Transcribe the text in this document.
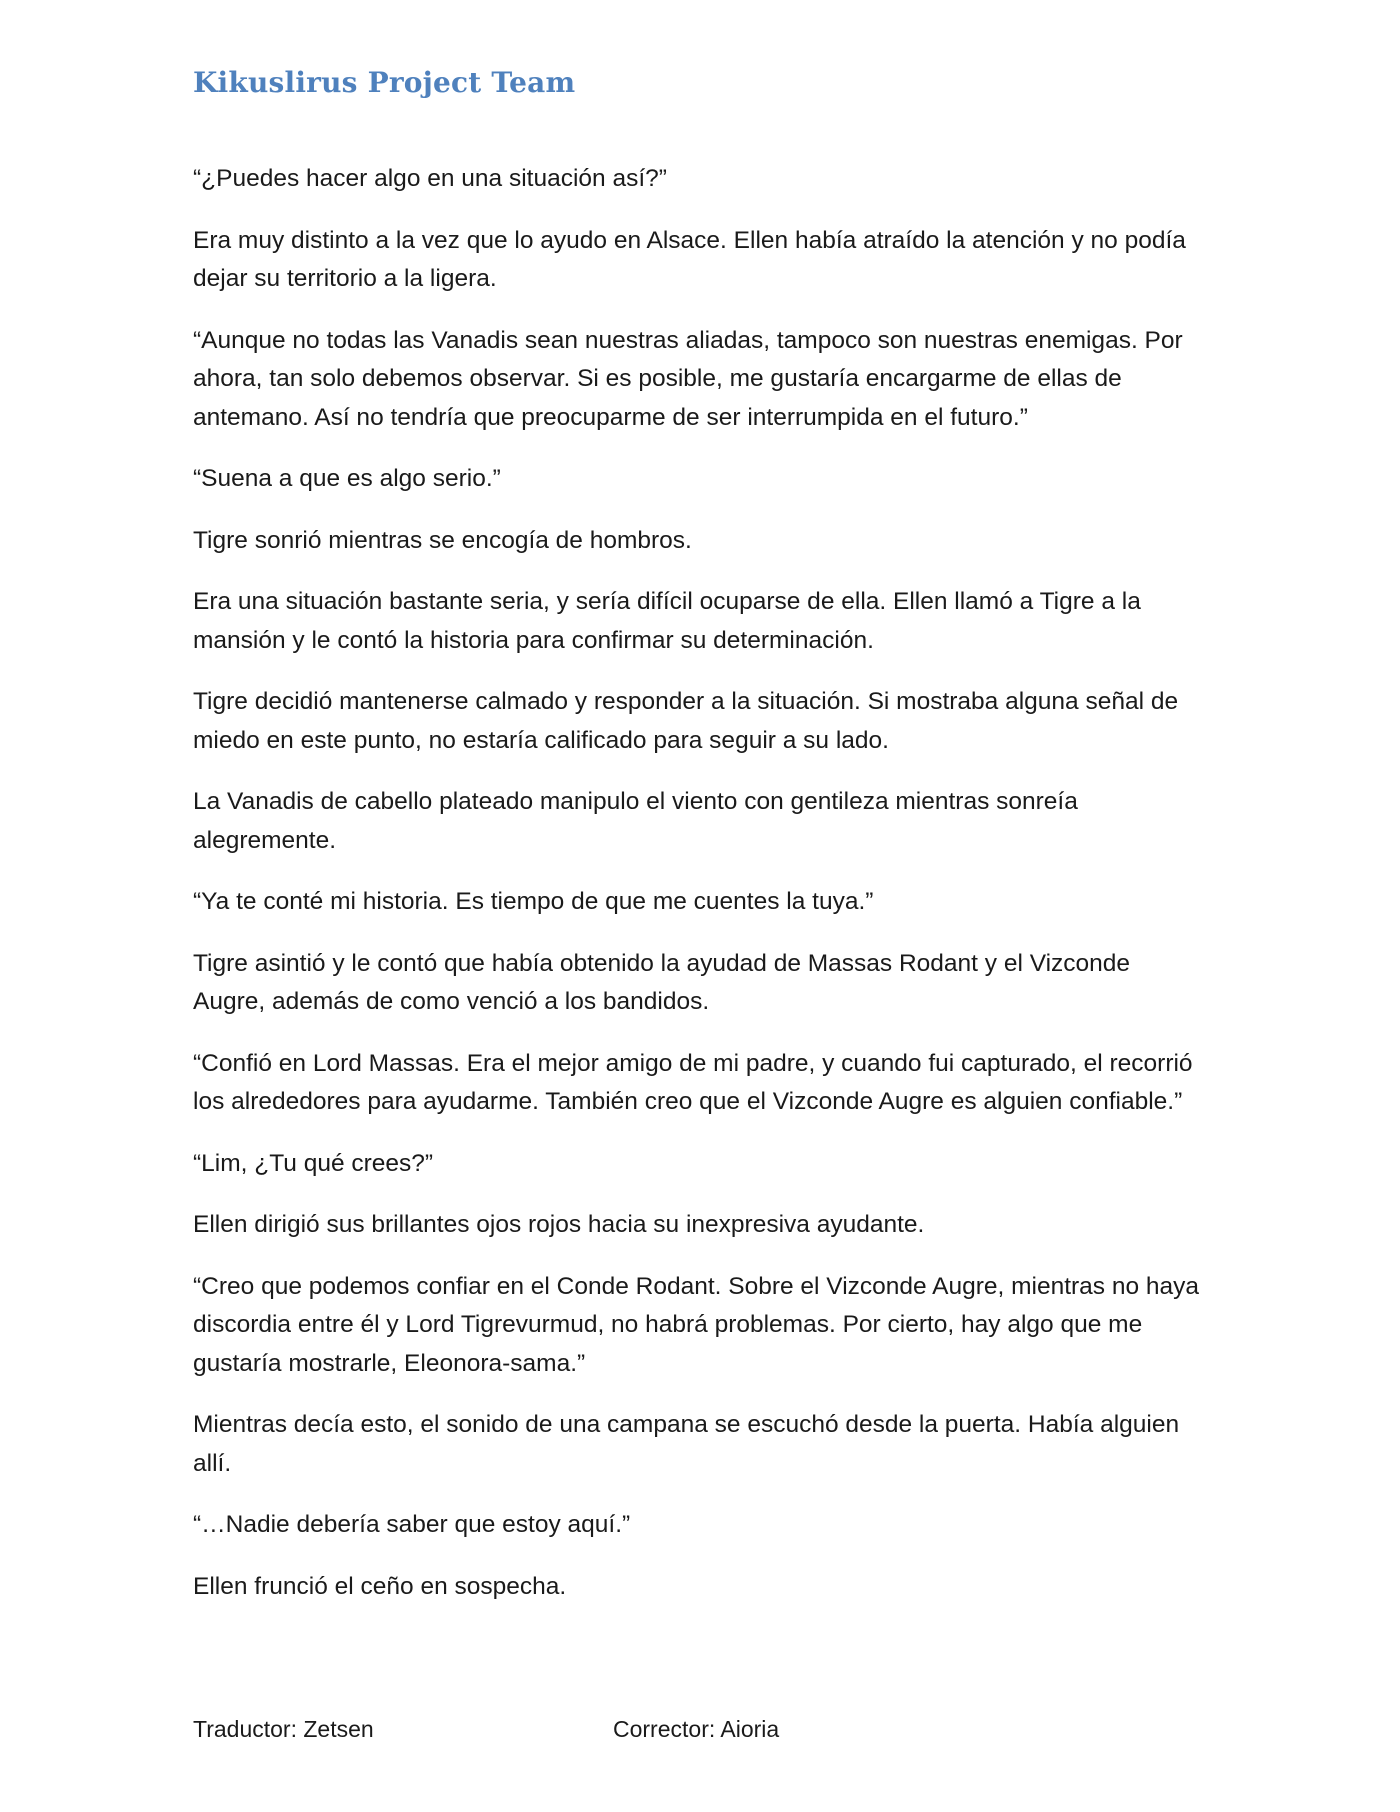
Kikuslirus Project Team

“¿Puedes hacer algo en una situación así?”

Era muy distinto a la vez que lo ayudo en Alsace. Ellen había atraído la atención y no podía dejar su territorio a la ligera.

“Aunque no todas las Vanadis sean nuestras aliadas, tampoco son nuestras enemigas. Por ahora, tan solo debemos observar. Si es posible, me gustaría encargarme de ellas de antemano. Así no tendría que preocuparme de ser interrumpida en el futuro.”

“Suena a que es algo serio.”

Tigre sonrió mientras se encogía de hombros.

Era una situación bastante seria, y sería difícil ocuparse de ella. Ellen llamó a Tigre a la mansión y le contó la historia para confirmar su determinación.

Tigre decidió mantenerse calmado y responder a la situación. Si mostraba alguna señal de miedo en este punto, no estaría calificado para seguir a su lado.

La Vanadis de cabello plateado manipulo el viento con gentileza mientras sonreía alegremente.

“Ya te conté mi historia. Es tiempo de que me cuentes la tuya.”

Tigre asintió y le contó que había obtenido la ayudad de Massas Rodant y el Vizconde Augre, además de como venció a los bandidos.

“Confió en Lord Massas. Era el mejor amigo de mi padre, y cuando fui capturado, el recorrió los alrededores para ayudarme. También creo que el Vizconde Augre es alguien confiable.”

“Lim, ¿Tu qué crees?”

Ellen dirigió sus brillantes ojos rojos hacia su inexpresiva ayudante.

“Creo que podemos confiar en el Conde Rodant. Sobre el Vizconde Augre, mientras no haya discordia entre él y Lord Tigrevurmud, no habrá problemas. Por cierto, hay algo que me gustaría mostrarle, Eleonora-sama.”

Mientras decía esto, el sonido de una campana se escuchó desde la puerta. Había alguien allí.

“…Nadie debería saber que estoy aquí.”

Ellen frunció el ceño en sospecha.

Traductor: Zetsen	Corrector: Aioria
